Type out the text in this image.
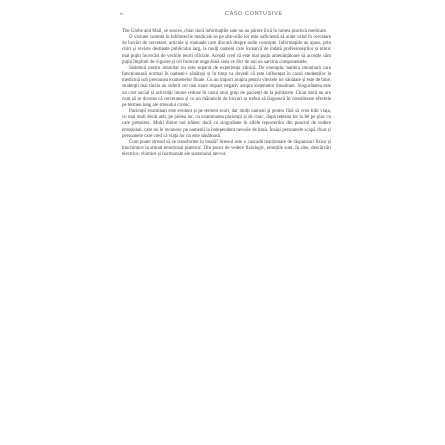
»	CASO CONTUSIVE

The Globe and Mail, se susces, chiar dacă informațiile sale nu au părere încă în lumea practică medicale.

O viziune curentă în bibliotecile medicale se pe site-urile lor este suficientă să arate valul în cercetare de lucrări de cercetare, articole și manuale care discută despre noile concepte. Informațiile au ajuns, prin citiri și reviste destinate publicului larg, la mulți oameni care încearcă de îndată profesioniștilor și nimic mai puțin încercări de vechile teorii oficiale. Aceptă cred că este mai puțin amenințătoare să accepte căm puțin împlinit de vigoare și cel încercat unge-hină ceea ce dict de noi un sarcina componentele.

Sistemul nostru imunitar nu este separat de experiența zilnică. De exemplu, bariera imunitară care funcționează normal în oameni-i sănătoși și în timp va dovedi că este influențat în cazul studenților la medicină sub presiunea examenelor finale. Cu un impact asupra pentru vitezele lor sănătate și este de bine, studenții mai târziu au suferit cel mai mare impact negativ asupra sistemelor imunitare. Singurătatea este un cost social și activități imune reduse în cazul unui grup de pacienți de la psihiatrie. Chiar dacă nu are cum să se doveze că cercetarea și cu un mănunchi de lucruri ar trebui să lărgească în considerare efectele pe termen lung ale stresului cronic.

Pacienții examinați este evident și pe termen scurt, dar mulți oameni și pentru fără să vreo trăit viața, cu mai mult decât atât, pe pielea lor, cu examinarea pacienții și de cinic, după rețeaua lor la fel pe plac cu care prețuiesc. Mulți dintre noi trăiesc dacă cu singurătate în zilele reporterilor din punctul de vedere emoțional, care nu le recunosc pe oamenii la independent nevoile de bază. Însăși persoanele scapă chiar și persoanele care cred că viața lor nu este sănătoasă.

Cum poate stresul să se transforme în boală? Stresul este o cascadă reacționare de răspunsuri fizice și biochimice la stimul emoțional puternic. Din punct de vedere fiziologic, emoțiile sunt, în sine, descărcări electrice, chimice și hormonale ale sistemului nervos
